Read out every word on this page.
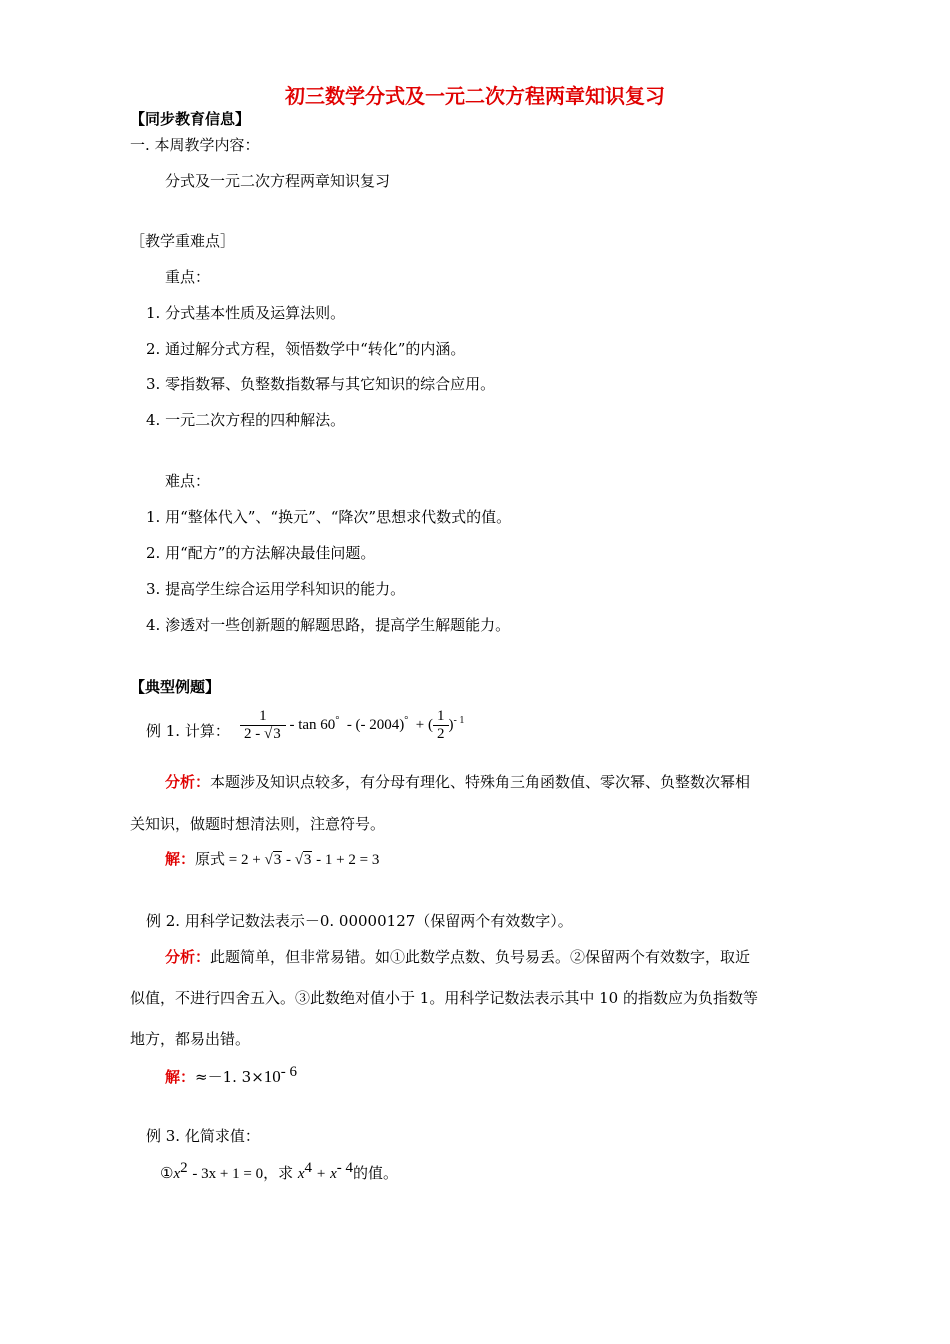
初三数学分式及一元二次方程两章知识复习
【同步教育信息】
一. 本周教学内容：
分式及一元二次方程两章知识复习
［教学重难点］
重点：
1. 分式基本性质及运算法则。
2. 通过解分式方程，领悟数学中“转化”的内涵。
3. 零指数幂、负整数指数幂与其它知识的综合应用。
4. 一元二次方程的四种解法。
难点：
1. 用“整体代入”、“换元”、“降次”思想求代数式的值。
2. 用“配方”的方法解决最佳问题。
3. 提高学生综合运用学科知识的能力。
4. 渗透对一些创新题的解题思路，提高学生解题能力。
【典型例题】
例 1. 计算： $\frac{1}{2 - √3}$ - tan 60° - (- 2004)° + ( $\frac{1}{2} )^{- 1}$
分析：本题涉及知识点较多，有分母有理化、特殊角三角函数值、零次幂、负整数次幂相
关知识，做题时想清法则，注意符号。
解：原式 = 2 + √3 - √3 - 1 + 2 = 3
例 2. 用科学记数法表示－0. 00000127（保留两个有效数字）。
分析：此题简单，但非常易错。如①此数学点数、负号易丢。②保留两个有效数字，取近
似值，不进行四舍五入。③此数绝对值小于 1。用科学记数法表示其中 10 的指数应为负指数等
地方，都易出错。
解：≈－1. $3\times 10^{- 6}$
例 3. 化简求值：
$①x^2 - 3x + 1 = 0$，求 $x^4 + x^{- 4}$的值。
